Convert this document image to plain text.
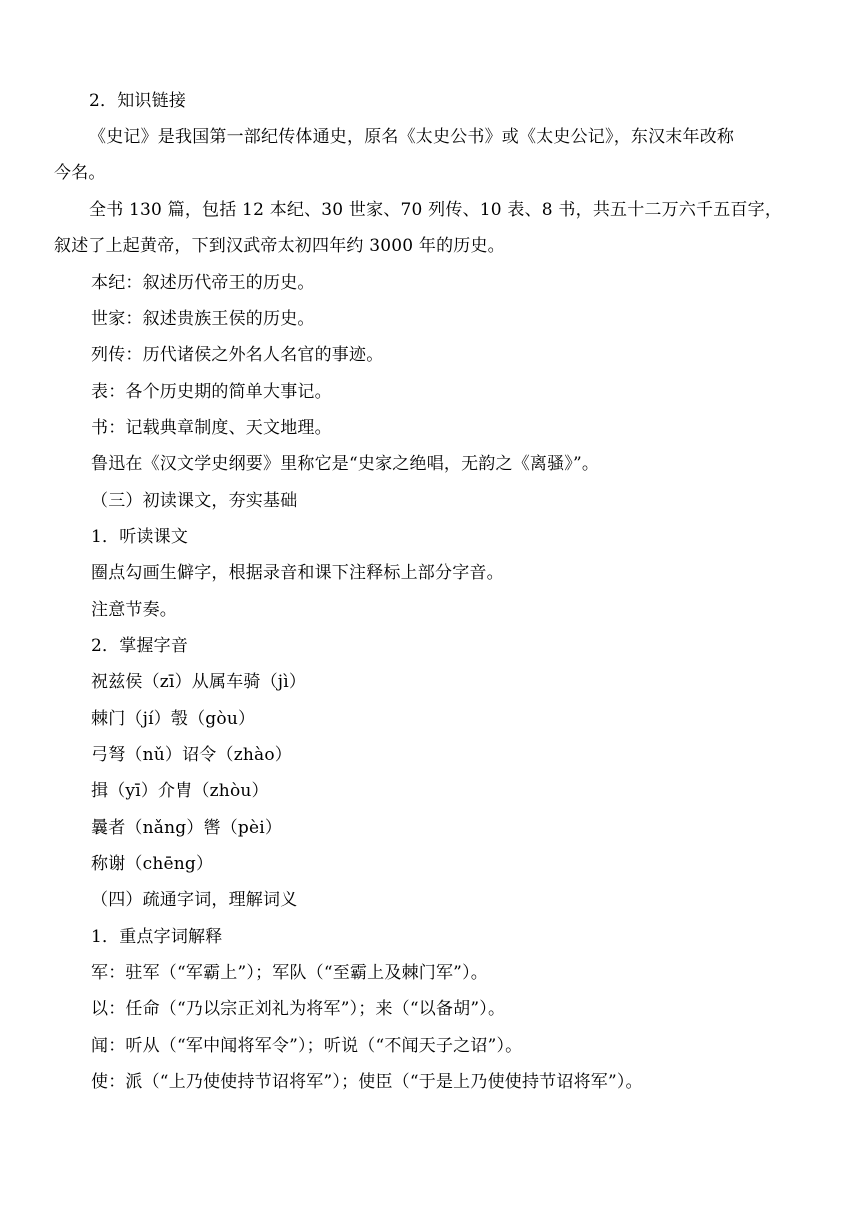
2．知识链接
《史记》是我国第一部纪传体通史，原名《太史公书》或《太史公记》，东汉末年改称
今名。
全书 130 篇，包括 12 本纪、30 世家、70 列传、10 表、8 书，共五十二万六千五百字，
叙述了上起黄帝，下到汉武帝太初四年约 3000 年的历史。
本纪：叙述历代帝王的历史。
世家：叙述贵族王侯的历史。
列传：历代诸侯之外名人名官的事迹。
表：各个历史期的简单大事记。
书：记载典章制度、天文地理。
鲁迅在《汉文学史纲要》里称它是“史家之绝唱，无韵之《离骚》”。
（三）初读课文，夯实基础
1．听读课文
圈点勾画生僻字，根据录音和课下注释标上部分字音。
注意节奏。
2．掌握字音
祝兹侯（zī）从属车骑（jì）
棘门（jí）彀（gòu）
弓弩（nǔ）诏令（zhào）
揖（yī）介胄（zhòu）
曩者（nǎng）辔（pèi）
称谢（chēng）
（四）疏通字词，理解词义
1．重点字词解释
军：驻军（“军霸上”）；军队（“至霸上及棘门军”）。
以：任命（“乃以宗正刘礼为将军”）；来（“以备胡”）。
闻：听从（“军中闻将军令”）；听说（“不闻天子之诏”）。
使：派（“上乃使使持节诏将军”）；使臣（“于是上乃使使持节诏将军”）。
